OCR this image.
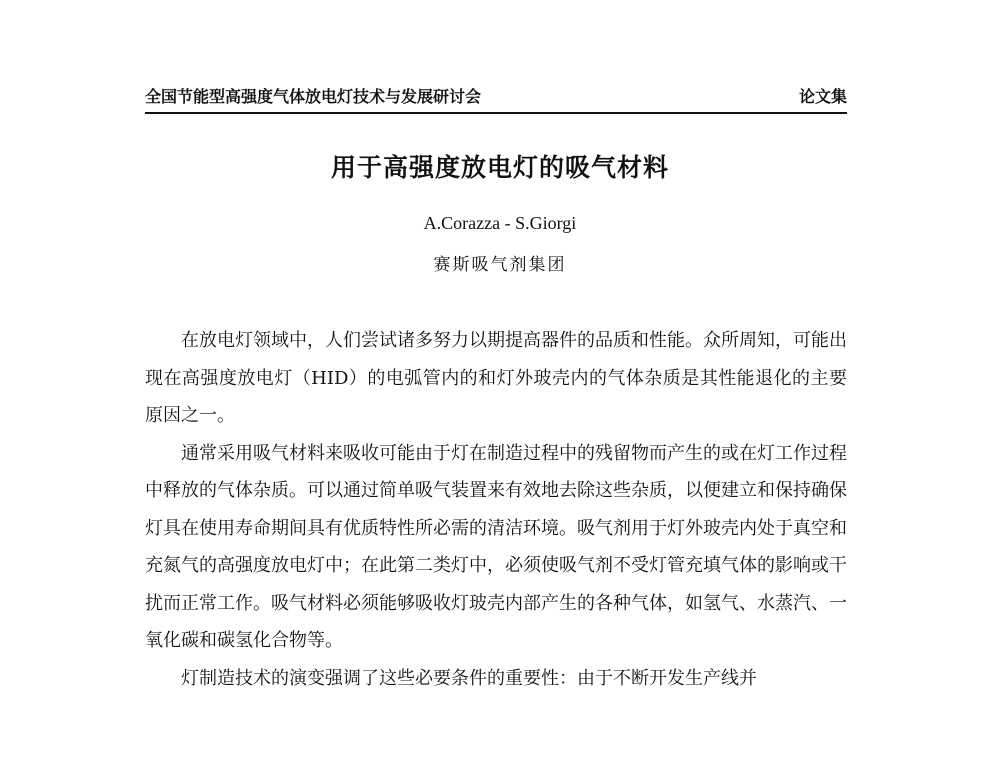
全国节能型高强度气体放电灯技术与发展研讨会	论文集
用于高强度放电灯的吸气材料
A.Corazza - S.Giorgi
赛斯吸气剂集团

在放电灯领域中，人们尝试诸多努力以期提高器件的品质和性能。众所周知，可能出现在高强度放电灯（HID）的电弧管内的和灯外玻壳内的气体杂质是其性能退化的主要原因之一。

通常采用吸气材料来吸收可能由于灯在制造过程中的残留物而产生的或在灯工作过程中释放的气体杂质。可以通过简单吸气装置来有效地去除这些杂质，以便建立和保持确保灯具在使用寿命期间具有优质特性所必需的清洁环境。吸气剂用于灯外玻壳内处于真空和充氮气的高强度放电灯中；在此第二类灯中，必须使吸气剂不受灯管充填气体的影响或干扰而正常工作。吸气材料必须能够吸收灯玻壳内部产生的各种气体，如氢气、水蒸汽、一氧化碳和碳氢化合物等。

灯制造技术的演变强调了这些必要条件的重要性：由于不断开发生产线并
